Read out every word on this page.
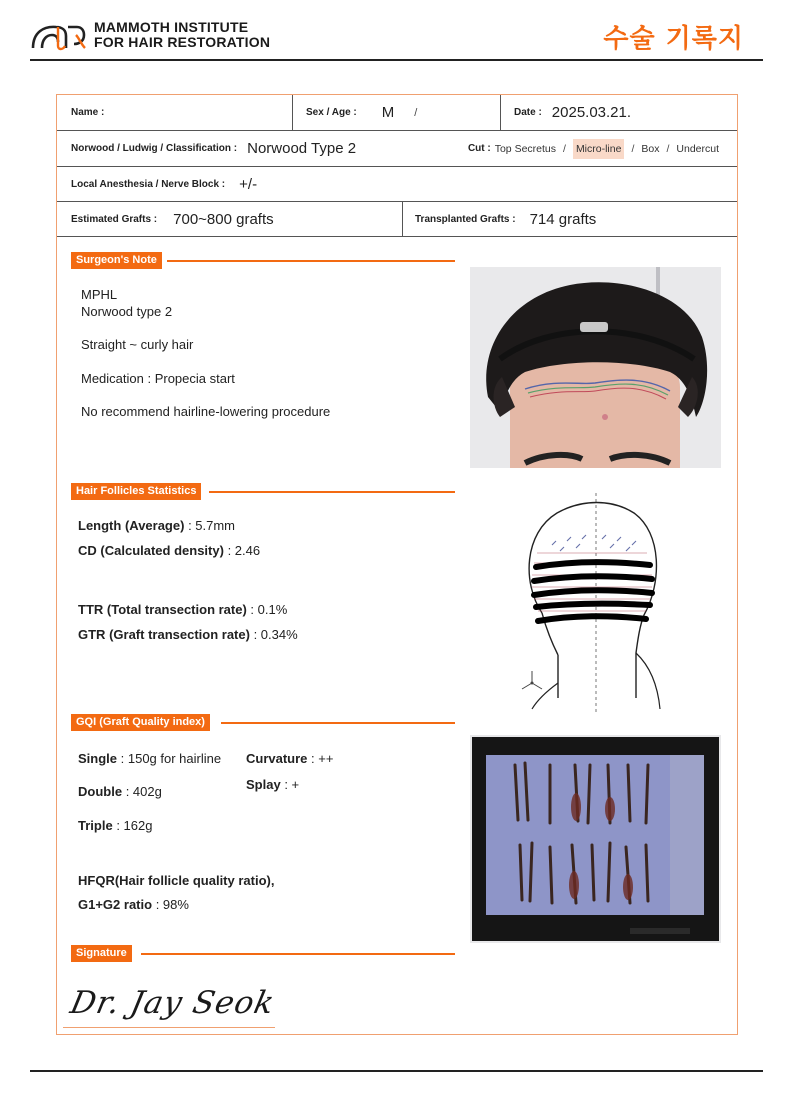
MAMMOTH INSTITUTE
FOR HAIR RESTORATION	수술 기록지
Name :	Sex / Age : M /	Date : 2025.03.21.
Norwood / Ludwig / Classification : Norwood Type 2	Cut : Top Secretus / Micro-line / Box / Undercut
Local Anesthesia / Nerve Block : +/-
Estimated Grafts : 700~800 grafts	Transplanted Grafts : 714 grafts
Surgeon's Note
MPHL
Norwood type 2
Straight ~ curly hair
Medication : Propecia start
No recommend hairline-lowering procedure
Hair Follicles Statistics
Length (Average) : 5.7mm
CD (Calculated density) : 2.46
TTR (Total transection rate) : 0.1%
GTR (Graft transection rate) : 0.34%
GQI (Graft Quality index)
Single : 150g for hairline Curvature : ++
Splay : +
Double : 402g
Triple : 162g
HFQR(Hair follicle quality ratio),
G1+G2 ratio : 98%
Signature
Dr. Jay Seok
